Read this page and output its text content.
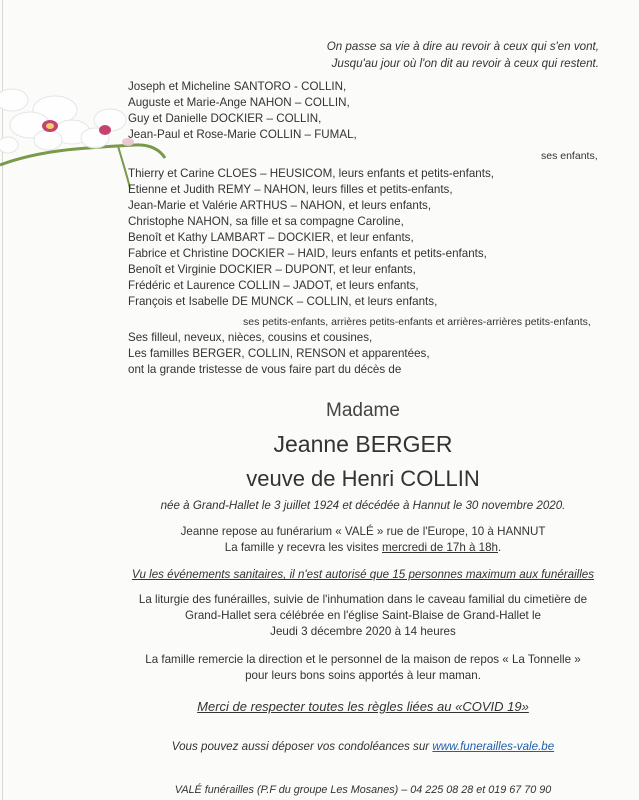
On passe sa vie à dire au revoir à ceux qui s'en vont,
Jusqu'au jour où l'on dit au revoir à ceux qui restent.
Joseph et Micheline SANTORO - COLLIN,
Auguste et Marie-Ange NAHON – COLLIN,
Guy et Danielle DOCKIER – COLLIN,
Jean-Paul et Rose-Marie COLLIN – FUMAL,
ses enfants,
Thierry et Carine CLOES – HEUSICOM, leurs enfants et petits-enfants,
Etienne et Judith REMY – NAHON, leurs filles et petits-enfants,
Jean-Marie et Valérie ARTHUS – NAHON, et leurs enfants,
Christophe NAHON, sa fille et sa compagne Caroline,
Benoît et Kathy LAMBART – DOCKIER, et leur enfants,
Fabrice et Christine DOCKIER – HAID, leurs enfants et petits-enfants,
Benoît et Virginie DOCKIER – DUPONT, et leur enfants,
Frédéric et Laurence COLLIN – JADOT, et leurs enfants,
François et Isabelle DE MUNCK – COLLIN, et leurs enfants,
ses petits-enfants, arrières petits-enfants et arrières-arrières petits-enfants,
Ses filleul, neveux, nièces, cousins et cousines,
Les familles BERGER, COLLIN, RENSON et apparentées,
ont la grande tristesse de vous faire part du décès de
Madame
Jeanne BERGER
veuve de Henri COLLIN
née à Grand-Hallet le 3 juillet 1924 et décédée à Hannut le 30 novembre 2020.
Jeanne repose au funérarium « VALÉ » rue de l'Europe, 10 à HANNUT
La famille y recevra les visites mercredi de 17h à 18h.
Vu les événements sanitaires, il n'est autorisé que 15 personnes maximum aux funérailles
La liturgie des funérailles, suivie de l'inhumation dans le caveau familial du cimetière de
Grand-Hallet sera célébrée en l'église Saint-Blaise de Grand-Hallet le
Jeudi 3 décembre 2020 à 14 heures
La famille remercie la direction et le personnel de la maison de repos « La Tonnelle »
pour leurs bons soins apportés à leur maman.
Merci de respecter toutes les règles liées au «COVID 19»
Vous pouvez aussi déposer vos condoléances sur www.funerailles-vale.be
VALÉ funérailles (P.F du groupe Les Mosanes) – 04 225 08 28 et 019 67 70 90
